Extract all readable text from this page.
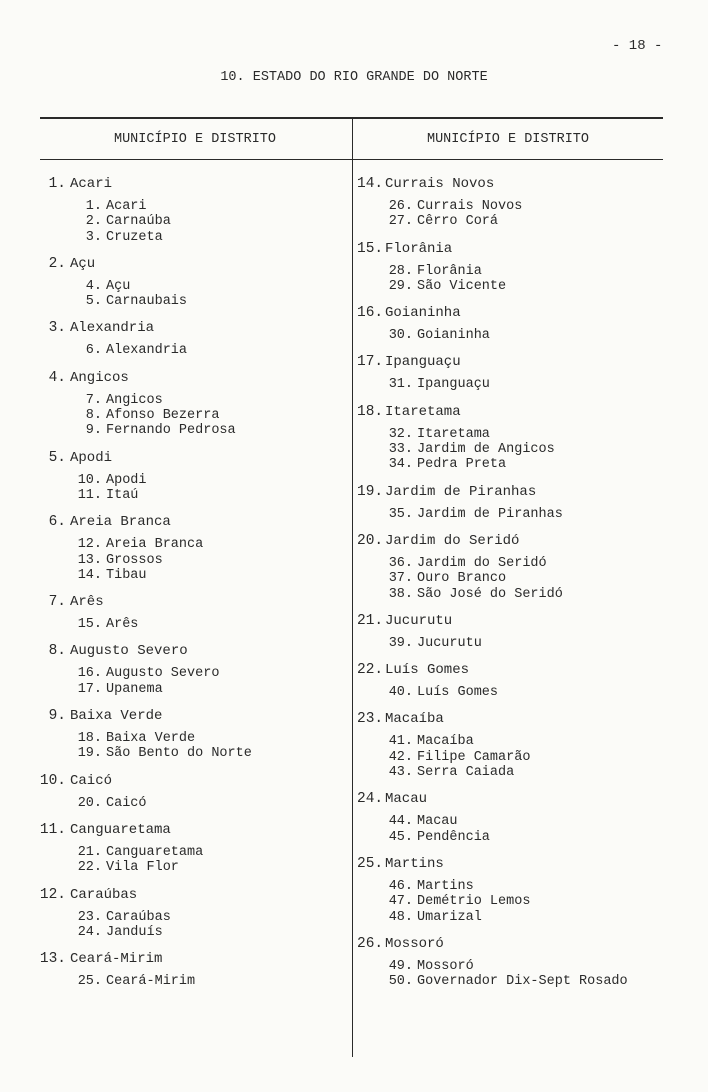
- 18 -
10. ESTADO DO RIO GRANDE DO NORTE
MUNICÍPIO E DISTRITO	MUNICÍPIO E DISTRITO
1. Acari
1. Acari
2. Carnaúba
3. Cruzeta
2. Açu
4. Açu
5. Carnaubais
3. Alexandria
6. Alexandria
4. Angicos
7. Angicos
8. Afonso Bezerra
9. Fernando Pedrosa
5. Apodi
10. Apodi
11. Itaú
6. Areia Branca
12. Areia Branca
13. Grossos
14. Tibau
7. Arês
15. Arês
8. Augusto Severo
16. Augusto Severo
17. Upanema
9. Baixa Verde
18. Baixa Verde
19. São Bento do Norte
10. Caicó
20. Caicó
11. Canguaretama
21. Canguaretama
22. Vila Flor
12. Caraúbas
23. Caraúbas
24. Janduís
13. Ceará-Mirim
25. Ceará-Mirim
14. Currais Novos
26. Currais Novos
27. Cêrro Corá
15. Florânia
28. Florânia
29. São Vicente
16. Goianinha
30. Goianinha
17. Ipanguaçu
31. Ipanguaçu
18. Itaretama
32. Itaretama
33. Jardim de Angicos
34. Pedra Preta
19. Jardim de Piranhas
35. Jardim de Piranhas
20. Jardim do Seridó
36. Jardim do Seridó
37. Ouro Branco
38. São José do Seridó
21. Jucurutu
39. Jucurutu
22. Luís Gomes
40. Luís Gomes
23. Macaíba
41. Macaíba
42. Filipe Camarão
43. Serra Caiada
24. Macau
44. Macau
45. Pendência
25. Martins
46. Martins
47. Demétrio Lemos
48. Umarizal
26. Mossoró
49. Mossoró
50. Governador Dix-Sept Rosado
